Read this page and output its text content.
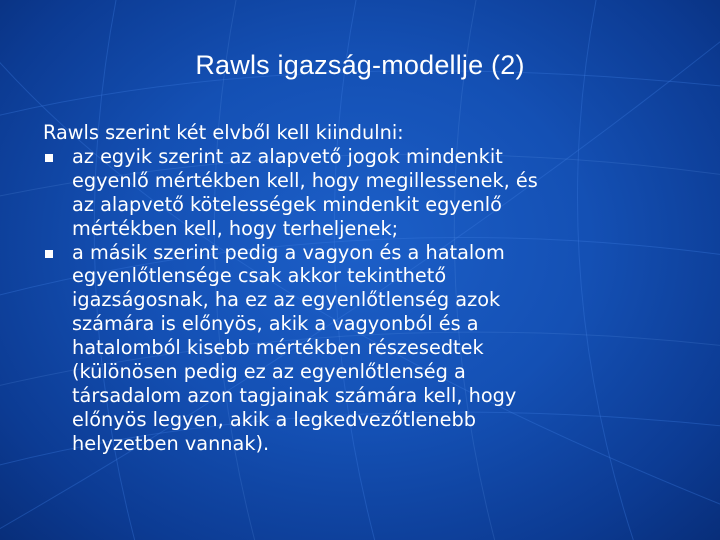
Rawls igazság-modellje (2)
Rawls szerint két elvből kell kiindulni:
az egyik szerint az alapvető jogok mindenkit
egyenlő mértékben kell, hogy megillessenek, és
az alapvető kötelességek mindenkit egyenlő
mértékben kell, hogy terheljenek;
a másik szerint pedig a vagyon és a hatalom
egyenlőtlensége csak akkor tekinthető
igazságosnak, ha ez az egyenlőtlenség azok
számára is előnyös, akik a vagyonból és a
hatalomból kisebb mértékben részesedtek
(különösen pedig ez az egyenlőtlenség a
társadalom azon tagjainak számára kell, hogy
előnyös legyen, akik a legkedvezőtlenebb
helyzetben vannak).
